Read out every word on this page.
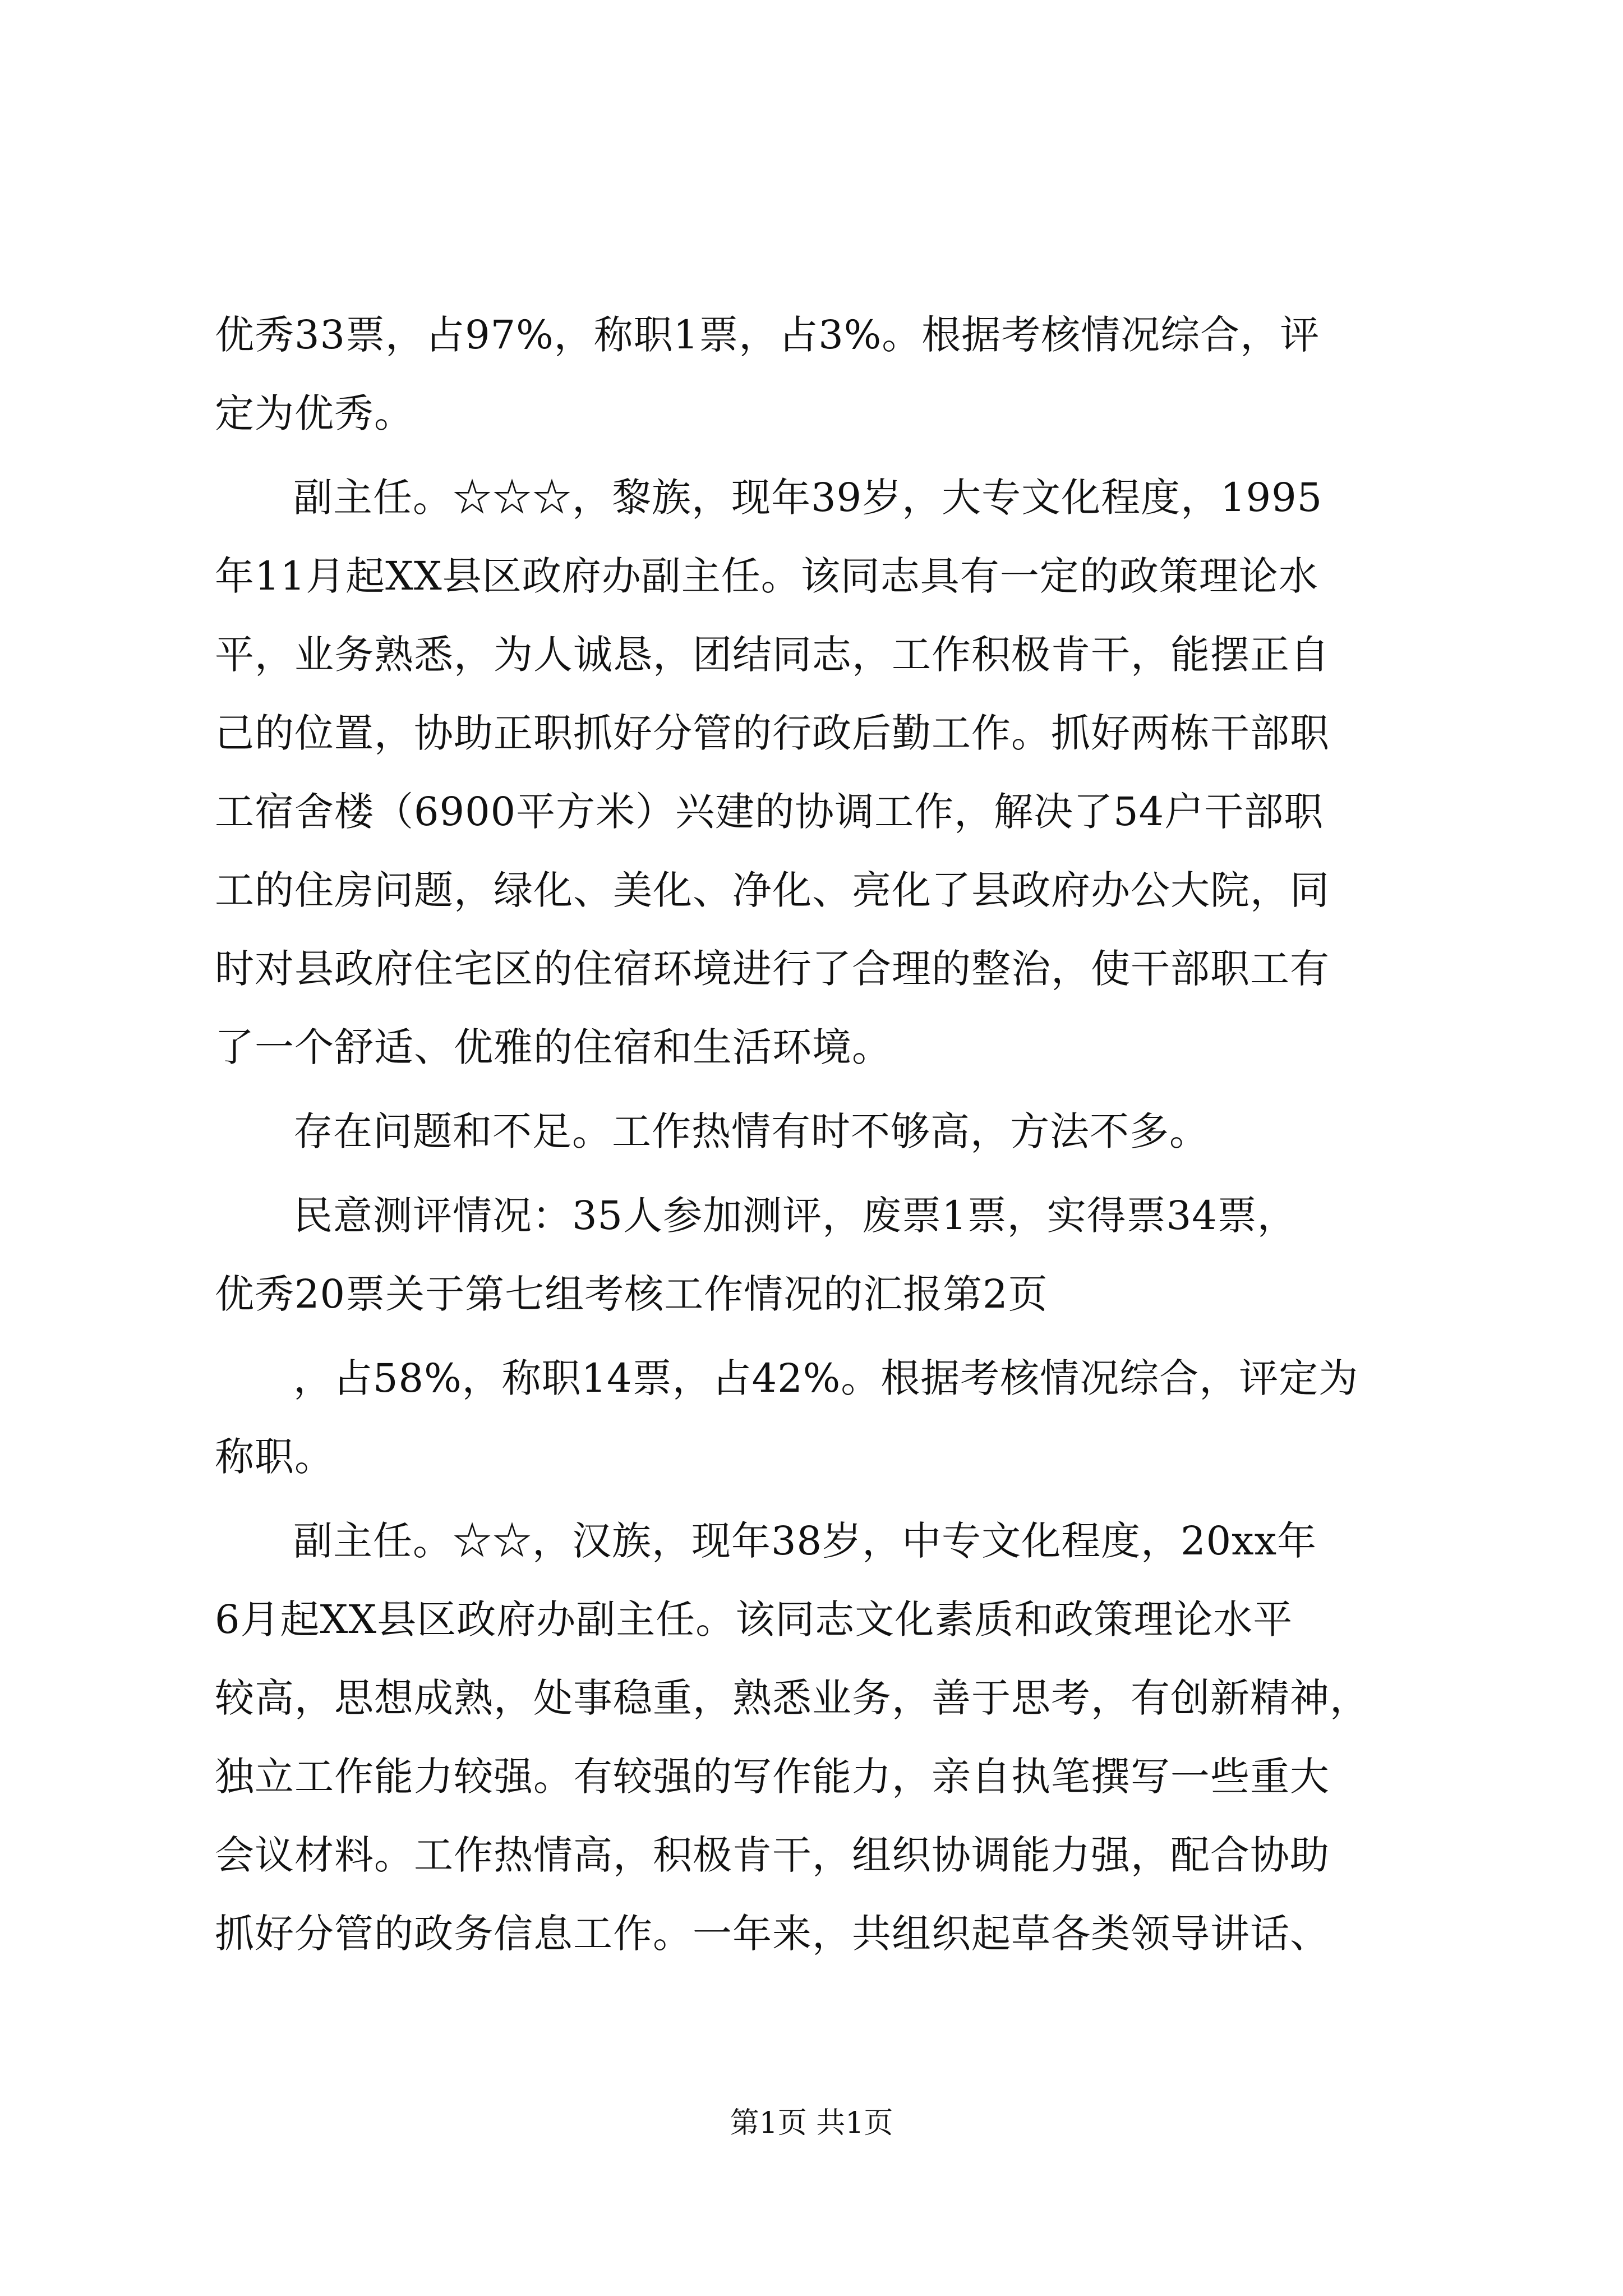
优秀33票，占97%，称职1票，占3%。根据考核情况综合，评
定为优秀。
副主任。☆☆☆，黎族，现年39岁，大专文化程度，1995
年11月起XX县区政府办副主任。该同志具有一定的政策理论水
平，业务熟悉，为人诚恳，团结同志，工作积极肯干，能摆正自
己的位置，协助正职抓好分管的行政后勤工作。抓好两栋干部职
工宿舍楼（6900平方米）兴建的协调工作，解决了54户干部职
工的住房问题，绿化、美化、净化、亮化了县政府办公大院，同
时对县政府住宅区的住宿环境进行了合理的整治，使干部职工有
了一个舒适、优雅的住宿和生活环境。
存在问题和不足。工作热情有时不够高，方法不多。
民意测评情况：35人参加测评，废票1票，实得票34票，
优秀20票关于第七组考核工作情况的汇报第2页
，占58%，称职14票，占42%。根据考核情况综合，评定为
称职。
副主任。☆☆，汉族，现年38岁，中专文化程度，20xx年
6月起XX县区政府办副主任。该同志文化素质和政策理论水平
较高，思想成熟，处事稳重，熟悉业务，善于思考，有创新精神，
独立工作能力较强。有较强的写作能力，亲自执笔撰写一些重大
会议材料。工作热情高，积极肯干，组织协调能力强，配合协助
抓好分管的政务信息工作。一年来，共组织起草各类领导讲话、
第1页 共1页
